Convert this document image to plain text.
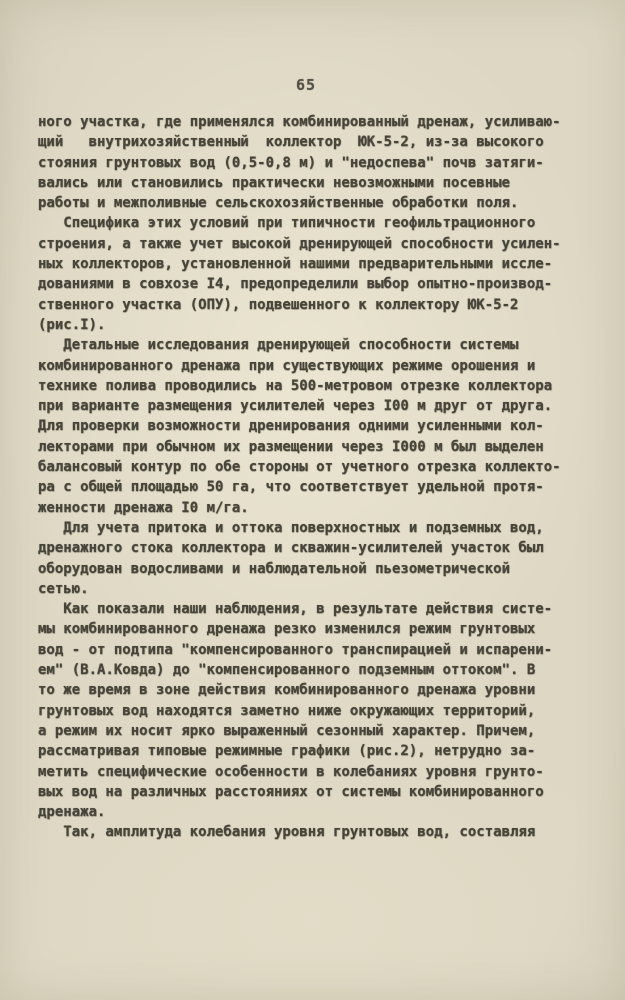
65
ного участка, где применялся комбинированный дренаж, усиливаю-
щий   внутрихозяйственный  коллектор  ЮК-5-2, из-за высокого
стояния грунтовых вод (0,5-0,8 м) и "недоспева" почв затяги-
вались или становились практически невозможными посевные
работы и межполивные сельскохозяйственные обработки поля.
Специфика этих условий при типичности геофильтрационного
строения, а также учет высокой дренирующей способности усилен-
ных коллекторов, установленной нашими предварительными иссле-
дованиями в совхозе I4, предопределили выбор опытно-производ-
ственного участка (ОПУ), подвешенного к коллектору ЮК-5-2
(рис.I).
Детальные исследования дренирующей способности системы
комбинированного дренажа при существующих режиме орошения и
технике полива проводились на 500-метровом отрезке коллектора
при варианте размещения усилителей через I00 м друг от друга.
Для проверки возможности дренирования одними усиленными кол-
лекторами при обычном их размещении через I000 м был выделен
балансовый контур по обе стороны от учетного отрезка коллекто-
ра с общей площадью 50 га, что соответствует удельной протя-
женности дренажа I0 м/га.
Для учета притока и оттока поверхностных и подземных вод,
дренажного стока коллектора и скважин-усилителей участок был
оборудован водосливами и наблюдательной пьезометрической
сетью.
Как показали наши наблюдения, в результате действия систе-
мы комбинированного дренажа резко изменился режим грунтовых
вод - от подтипа "компенсированного транспирацией и испарени-
ем" (В.А.Ковда) до "компенсированного подземным оттоком". В
то же время в зоне действия комбинированного дренажа уровни
грунтовых вод находятся заметно ниже окружающих территорий,
а режим их носит ярко выраженный сезонный характер. Причем,
рассматривая типовые режимные графики (рис.2), нетрудно за-
метить специфические особенности в колебаниях уровня грунто-
вых вод на различных расстояниях от системы комбинированного
дренажа.
Так, амплитуда колебания уровня грунтовых вод, составляя
